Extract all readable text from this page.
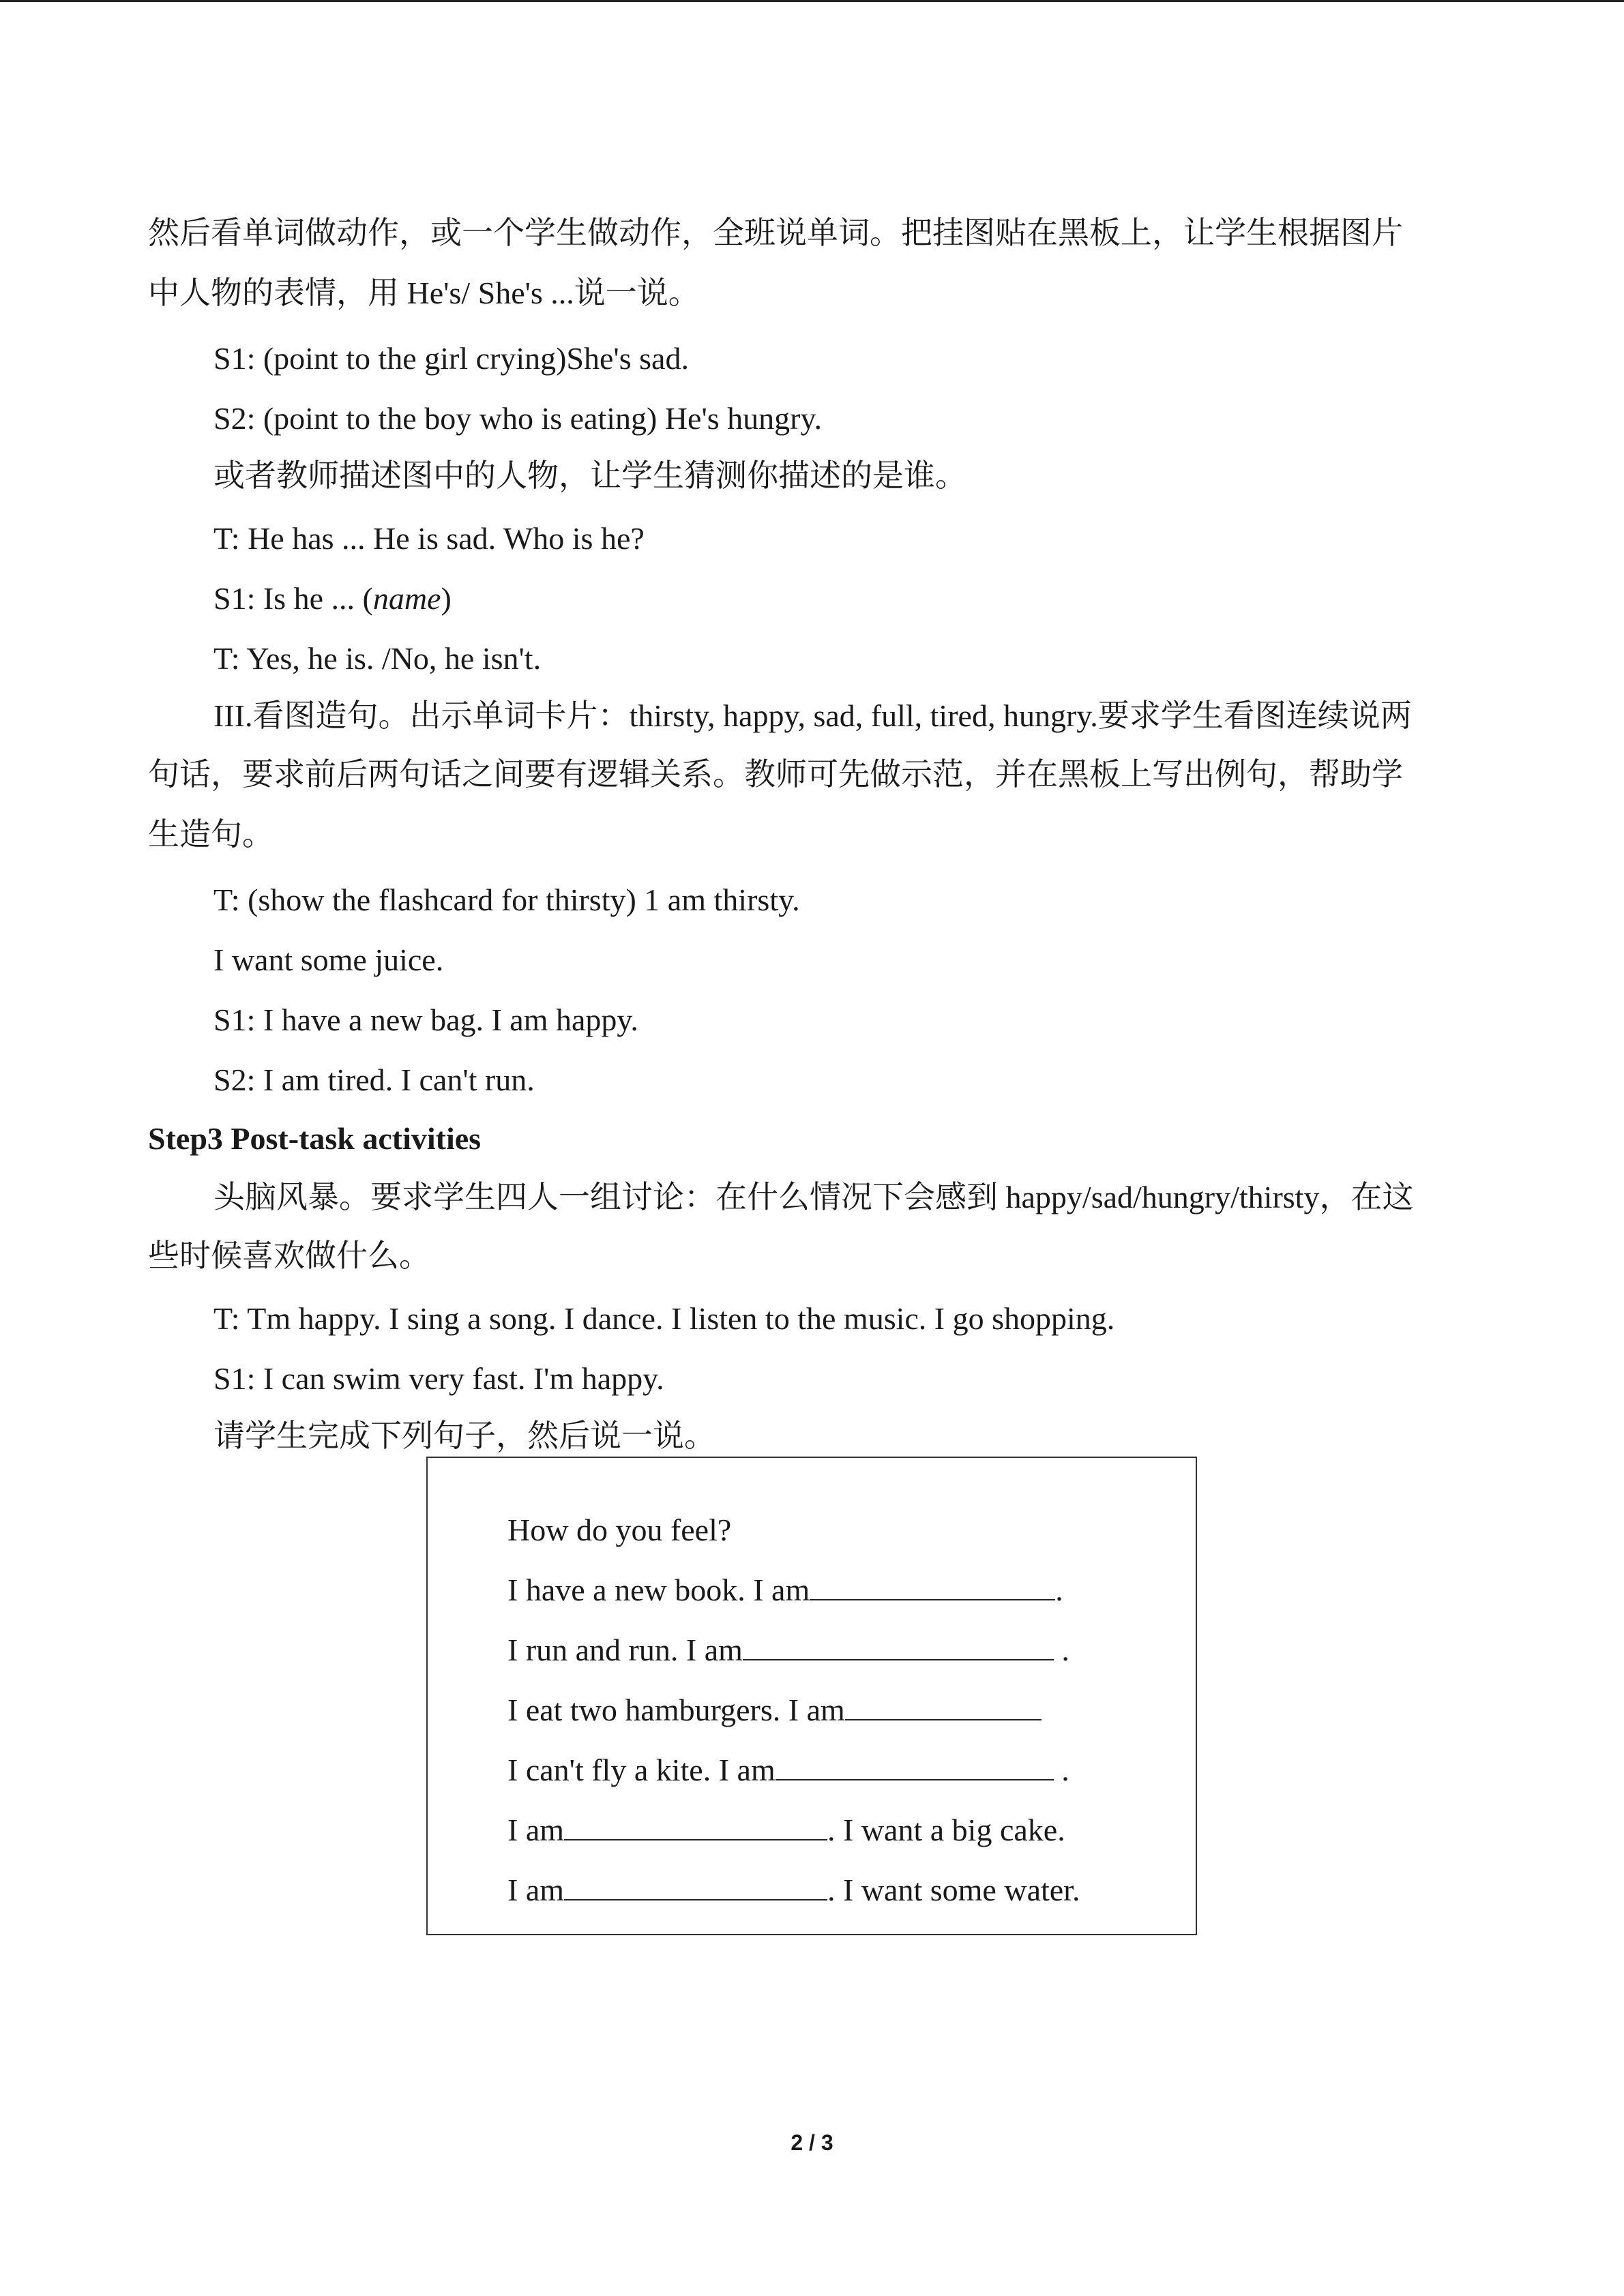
然后看单词做动作，或一个学生做动作，全班说单词。把挂图贴在黑板上，让学生根据图片
中人物的表情，用 He's/ She's ...说一说。
S1: (point to the girl crying)She's sad.
S2: (point to the boy who is eating) He's hungry.
或者教师描述图中的人物，让学生猜测你描述的是谁。
T: He has ... He is sad. Who is he?
S1: Is he ... (name)
T: Yes, he is. /No, he isn't.
III.看图造句。出示单词卡片：thirsty, happy, sad, full, tired, hungry.要求学生看图连续说两
句话，要求前后两句话之间要有逻辑关系。教师可先做示范，并在黑板上写出例句，帮助学
生造句。
T: (show the flashcard for thirsty) 1 am thirsty.
I want some juice.
S1: I have a new bag. I am happy.
S2: I am tired. I can't run.
Step3 Post-task activities
头脑风暴。要求学生四人一组讨论：在什么情况下会感到 happy/sad/hungry/thirsty，在这
些时候喜欢做什么。
T: Tm happy. I sing a song. I dance. I listen to the music. I go shopping.
S1: I can swim very fast. I'm happy.
请学生完成下列句子，然后说一说。
How do you feel?
I have a new book. I am	.
I run and run. I am	.
I eat two hamburgers. I am
I can't fly a kite. I am	.
I am	. I want a big cake.
I am	. I want some water.
2 / 3
